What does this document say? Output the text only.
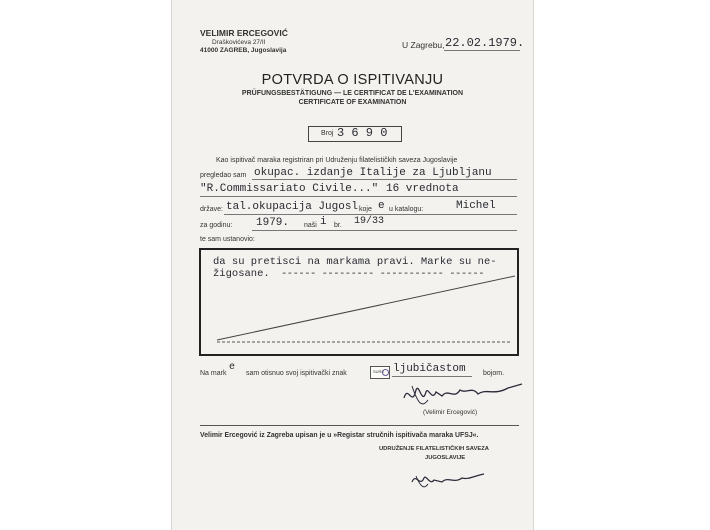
VELIMIR ERCEGOVIĆ
Draškovićeva 27/II
41000 ZAGREB, Jugoslavija
U Zagrebu, 22.02.1979.
POTVRDA O ISPITIVANJU
PRÜFUNGSBESTÄTIGUNG — LE CERTIFICAT DE L'EXAMINATION
CERTIFICATE OF EXAMINATION
Broj 3 6 9 0
Kao ispitivač maraka registriran pri Udruženju filatelističkih saveza Jugoslavije
pregledao sam okupac. izdanje Italije za Ljubljanu
"R.Commissariato Civile..." 16 vrednota
države: tal.okupacija Jugosl koje e u katalogu:	Michel
za godinu: 1979. naši i br. 19/33
te sam ustanovio:
da su pretisci na markama pravi. Marke su ne-
žigosane. ------ --------- ----------- ------
Na mark
e
sam otisnuo svoj ispitivački znak	SURE ljubičastom bojom.
(Velimir Ercegović)
Velimir Ercegović iz Zagreba upisan je u »Registar stručnih ispitivača maraka UFSJ«.
UDRUŽENJE FILATELISTIČKIH SAVEZA
JUGOSLAVIJE
